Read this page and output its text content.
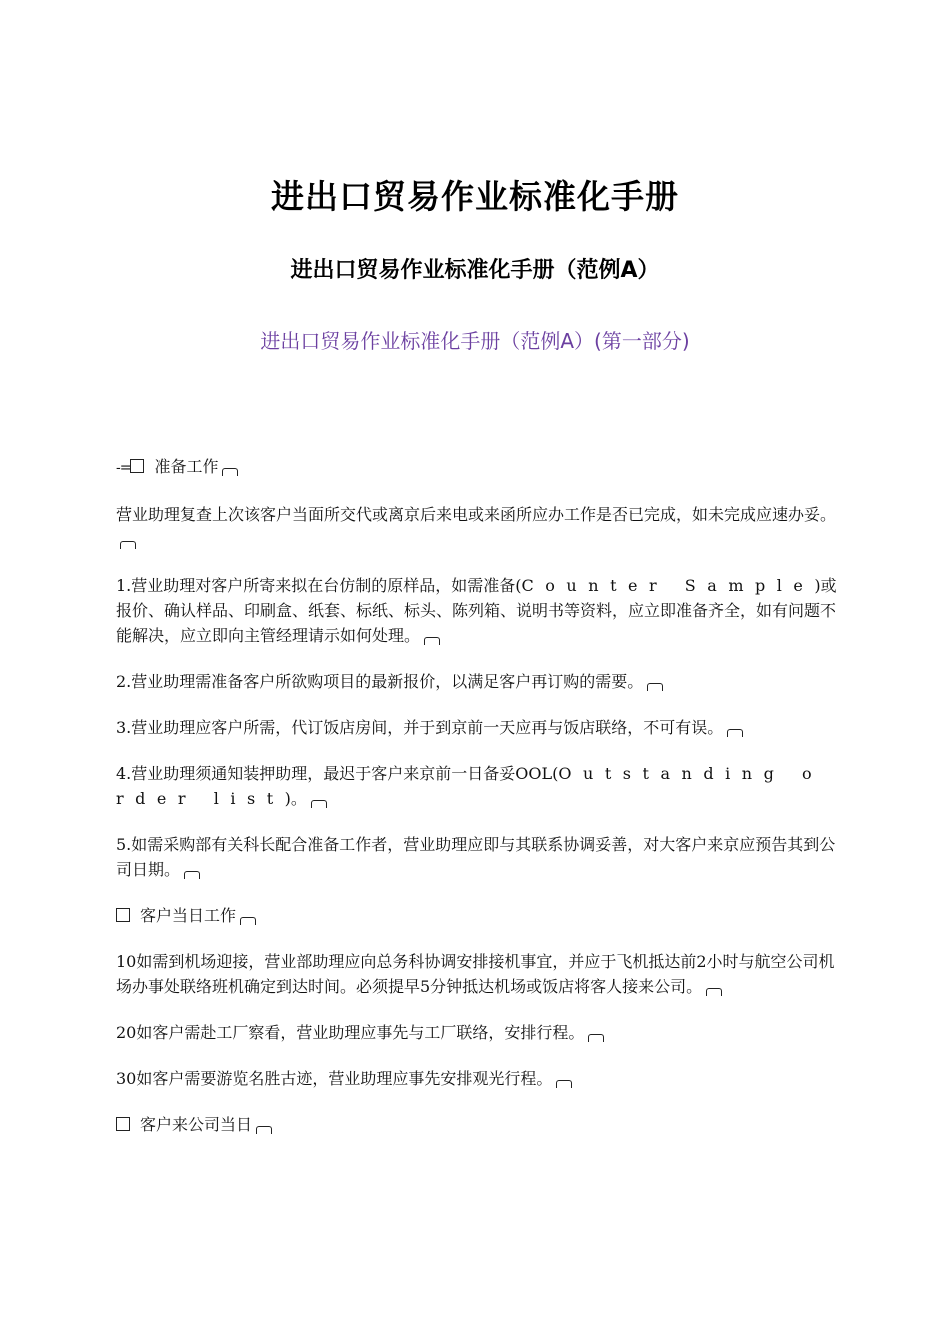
进出口贸易作业标准化手册
进出口贸易作业标准化手册（范例A）
进出口贸易作业标准化手册（范例A）(第一部分)

-= 准备工作

营业助理复查上次该客户当面所交代或离京后来电或来函所应办工作是否已完成，如未完成应速办妥。

1.营业助理对客户所寄来拟在台仿制的原样品，如需准备(Counter Sample)或报价、确认样品、印刷盒、纸套、标纸、标头、陈列箱、说明书等资料，应立即准备齐全，如有问题不能解决，应立即向主管经理请示如何处理。

2.营业助理需准备客户所欲购项目的最新报价，以满足客户再订购的需要。

3.营业助理应客户所需，代订饭店房间，并于到京前一天应再与饭店联络，不可有误。

4.营业助理须通知装押助理，最迟于客户来京前一日备妥OOL(Outstanding order list)。

5.如需采购部有关科长配合准备工作者，营业助理应即与其联系协调妥善，对大客户来京应预告其到公司日期。

客户当日工作

10如需到机场迎接，营业部助理应向总务科协调安排接机事宜，并应于飞机抵达前2小时与航空公司机场办事处联络班机确定到达时间。必须提早5分钟抵达机场或饭店将客人接来公司。

20如客户需赴工厂察看，营业助理应事先与工厂联络，安排行程。

30如客户需要游览名胜古迹，营业助理应事先安排观光行程。

客户来公司当日
